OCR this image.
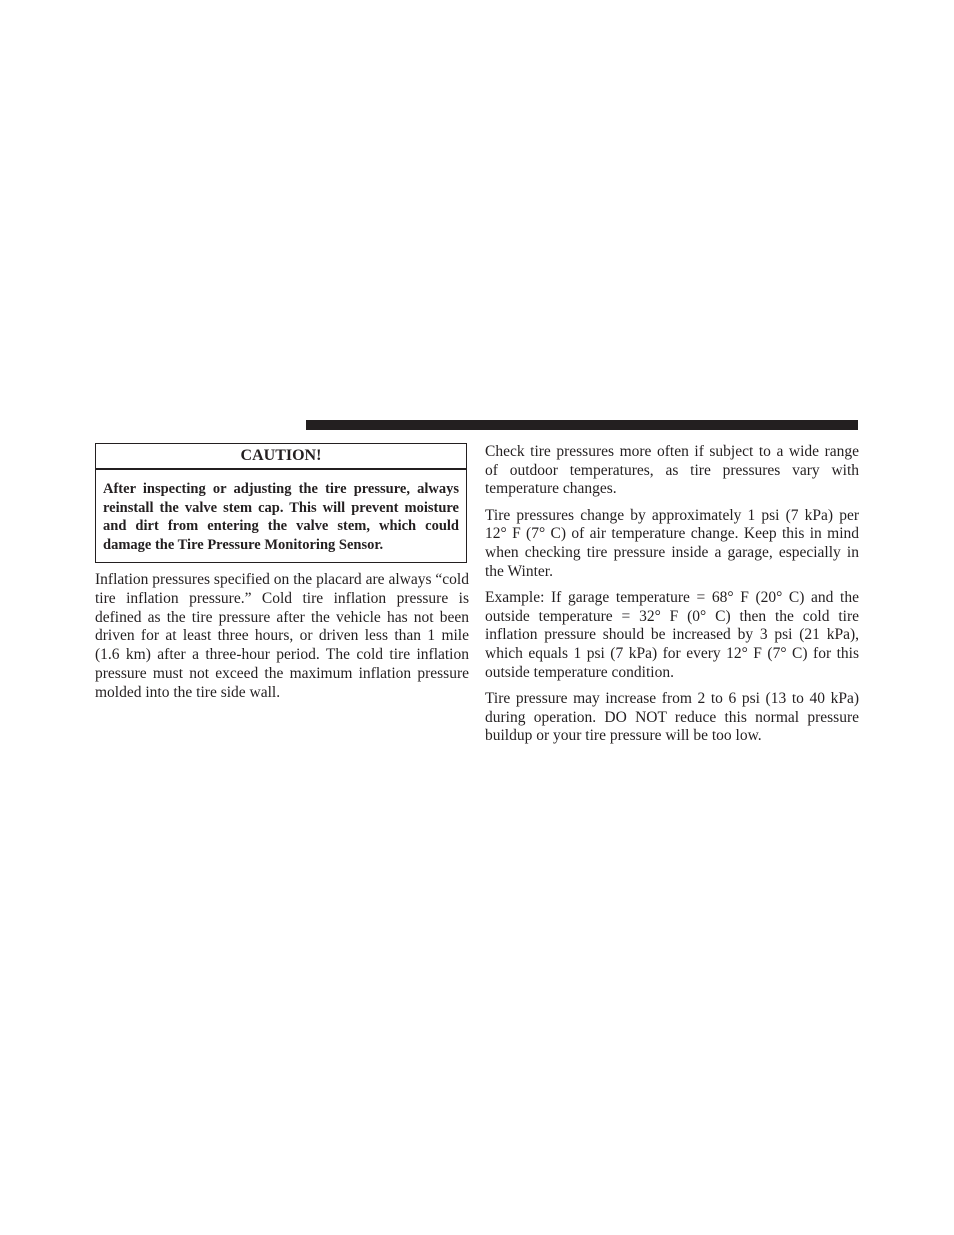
CAUTION!
After inspecting or adjusting the tire pressure, always reinstall the valve stem cap. This will prevent moisture and dirt from entering the valve stem, which could damage the Tire Pressure Monitoring Sensor.

Inflation pressures specified on the placard are always “cold tire inflation pressure.” Cold tire inflation pressure is defined as the tire pressure after the vehicle has not been driven for at least three hours, or driven less than 1 mile (1.6 km) after a three-hour period. The cold tire inflation pressure must not exceed the maximum inflation pressure molded into the tire side wall.

Check tire pressures more often if subject to a wide range of outdoor temperatures, as tire pressures vary with temperature changes.

Tire pressures change by approximately 1 psi (7 kPa) per 12° F (7° C) of air temperature change. Keep this in mind when checking tire pressure inside a garage, especially in the Winter.

Example: If garage temperature = 68° F (20° C) and the outside temperature = 32° F (0° C) then the cold tire inflation pressure should be increased by 3 psi (21 kPa), which equals 1 psi (7 kPa) for every 12° F (7° C) for this outside temperature condition.

Tire pressure may increase from 2 to 6 psi (13 to 40 kPa) during operation. DO NOT reduce this normal pressure buildup or your tire pressure will be too low.
